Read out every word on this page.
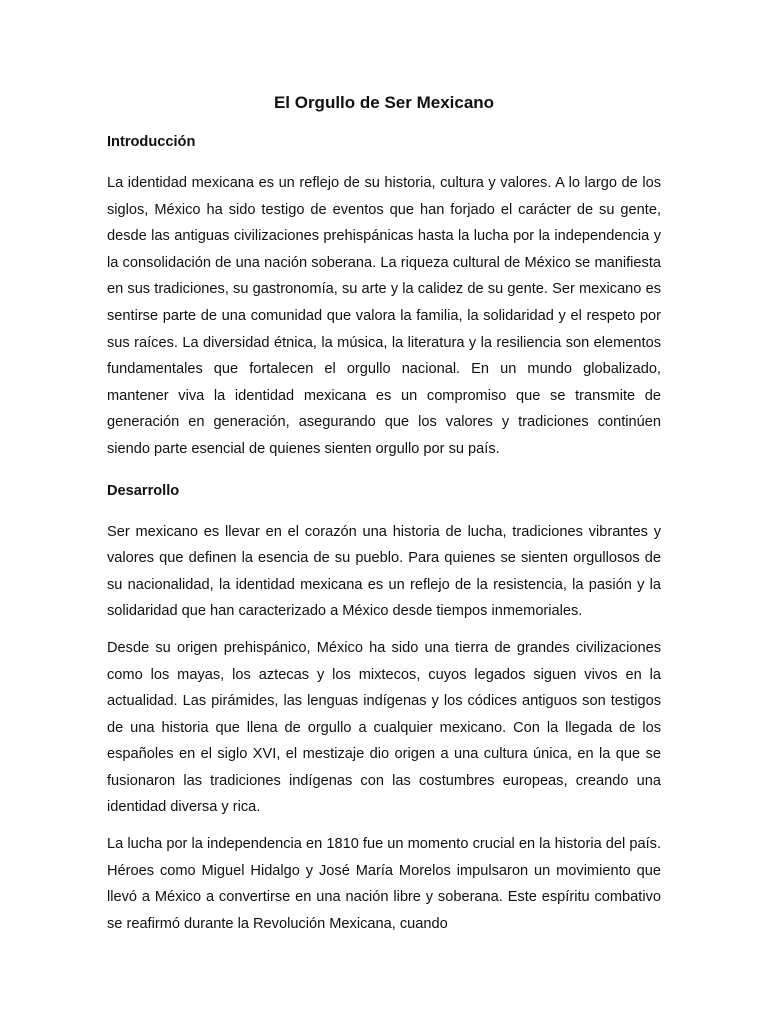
El Orgullo de Ser Mexicano
Introducción

La identidad mexicana es un reflejo de su historia, cultura y valores. A lo largo de los siglos, México ha sido testigo de eventos que han forjado el carácter de su gente, desde las antiguas civilizaciones prehispánicas hasta la lucha por la independencia y la consolidación de una nación soberana. La riqueza cultural de México se manifiesta en sus tradiciones, su gastronomía, su arte y la calidez de su gente. Ser mexicano es sentirse parte de una comunidad que valora la familia, la solidaridad y el respeto por sus raíces. La diversidad étnica, la música, la literatura y la resiliencia son elementos fundamentales que fortalecen el orgullo nacional. En un mundo globalizado, mantener viva la identidad mexicana es un compromiso que se transmite de generación en generación, asegurando que los valores y tradiciones continúen siendo parte esencial de quienes sienten orgullo por su país.

Desarrollo

Ser mexicano es llevar en el corazón una historia de lucha, tradiciones vibrantes y valores que definen la esencia de su pueblo. Para quienes se sienten orgullosos de su nacionalidad, la identidad mexicana es un reflejo de la resistencia, la pasión y la solidaridad que han caracterizado a México desde tiempos inmemoriales.

Desde su origen prehispánico, México ha sido una tierra de grandes civilizaciones como los mayas, los aztecas y los mixtecos, cuyos legados siguen vivos en la actualidad. Las pirámides, las lenguas indígenas y los códices antiguos son testigos de una historia que llena de orgullo a cualquier mexicano. Con la llegada de los españoles en el siglo XVI, el mestizaje dio origen a una cultura única, en la que se fusionaron las tradiciones indígenas con las costumbres europeas, creando una identidad diversa y rica.

La lucha por la independencia en 1810 fue un momento crucial en la historia del país. Héroes como Miguel Hidalgo y José María Morelos impulsaron un movimiento que llevó a México a convertirse en una nación libre y soberana. Este espíritu combativo se reafirmó durante la Revolución Mexicana, cuando
